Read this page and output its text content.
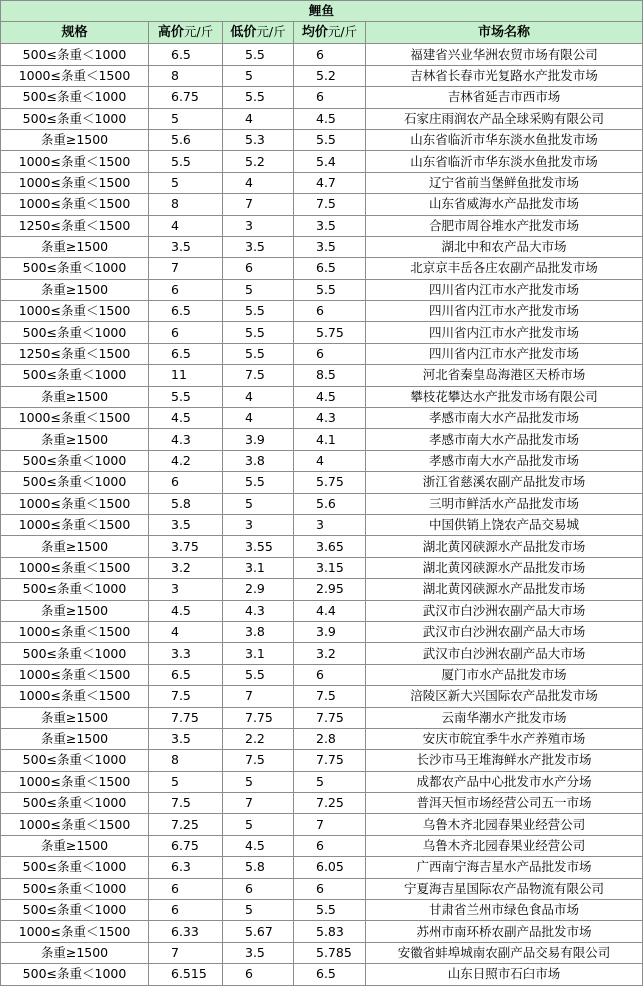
鲤鱼				
规格	高价元/斤	低价元/斤	均价元/斤	市场名称
500≤条重＜1000	6.5	5.5	6	福建省兴业华洲农贸市场有限公司
1000≤条重＜1500	8	5	5.2	吉林省长春市光复路水产批发市场
500≤条重＜1000	6.75	5.5	6	吉林省延吉市西市场
500≤条重＜1000	5	4	4.5	石家庄雨润农产品全球采购有限公司
条重≥1500	5.6	5.3	5.5	山东省临沂市华东淡水鱼批发市场
1000≤条重＜1500	5.5	5.2	5.4	山东省临沂市华东淡水鱼批发市场
1000≤条重＜1500	5	4	4.7	辽宁省前当堡鲜鱼批发市场
1000≤条重＜1500	8	7	7.5	山东省威海水产品批发市场
1250≤条重＜1500	4	3	3.5	合肥市周谷堆水产批发市场
条重≥1500	3.5	3.5	3.5	湖北中和农产品大市场
500≤条重＜1000	7	6	6.5	北京京丰岳各庄农副产品批发市场
条重≥1500	6	5	5.5	四川省内江市水产批发市场
1000≤条重＜1500	6.5	5.5	6	四川省内江市水产批发市场
500≤条重＜1000	6	5.5	5.75	四川省内江市水产批发市场
1250≤条重＜1500	6.5	5.5	6	四川省内江市水产批发市场
500≤条重＜1000	11	7.5	8.5	河北省秦皇岛海港区天桥市场
条重≥1500	5.5	4	4.5	攀枝花攀达水产批发市场有限公司
1000≤条重＜1500	4.5	4	4.3	孝感市南大水产品批发市场
条重≥1500	4.3	3.9	4.1	孝感市南大水产品批发市场
500≤条重＜1000	4.2	3.8	4	孝感市南大水产品批发市场
500≤条重＜1000	6	5.5	5.75	浙江省慈溪农副产品批发市场
1000≤条重＜1500	5.8	5	5.6	三明市鲜活水产品批发市场
1000≤条重＜1500	3.5	3	3	中国供销上饶农产品交易城
条重≥1500	3.75	3.55	3.65	湖北黄冈硖源水产品批发市场
1000≤条重＜1500	3.2	3.1	3.15	湖北黄冈硖源水产品批发市场
500≤条重＜1000	3	2.9	2.95	湖北黄冈硖源水产品批发市场
条重≥1500	4.5	4.3	4.4	武汉市白沙洲农副产品大市场
1000≤条重＜1500	4	3.8	3.9	武汉市白沙洲农副产品大市场
500≤条重＜1000	3.3	3.1	3.2	武汉市白沙洲农副产品大市场
1000≤条重＜1500	6.5	5.5	6	厦门市水产品批发市场
1000≤条重＜1500	7.5	7	7.5	涪陵区新大兴国际农产品批发市场
条重≥1500	7.75	7.75	7.75	云南华潮水产批发市场
条重≥1500	3.5	2.2	2.8	安庆市皖宜季牛水产养殖市场
500≤条重＜1000	8	7.5	7.75	长沙市马王堆海鲜水产批发市场
1000≤条重＜1500	5	5	5	成都农产品中心批发市水产分场
500≤条重＜1000	7.5	7	7.25	普洱天恒市场经营公司五一市场
1000≤条重＜1500	7.25	5	7	乌鲁木齐北园春果业经营公司
条重≥1500	6.75	4.5	6	乌鲁木齐北园春果业经营公司
500≤条重＜1000	6.3	5.8	6.05	广西南宁海吉星水产品批发市场
500≤条重＜1000	6	6	6	宁夏海吉星国际农产品物流有限公司
500≤条重＜1000	6	5	5.5	甘肃省兰州市绿色食品市场
1000≤条重＜1500	6.33	5.67	5.83	苏州市南环桥农副产品批发市场
条重≥1500	7	3.5	5.785	安徽省蚌埠城南农副产品交易有限公司
500≤条重＜1000	6.515	6	6.5	山东日照市石臼市场
